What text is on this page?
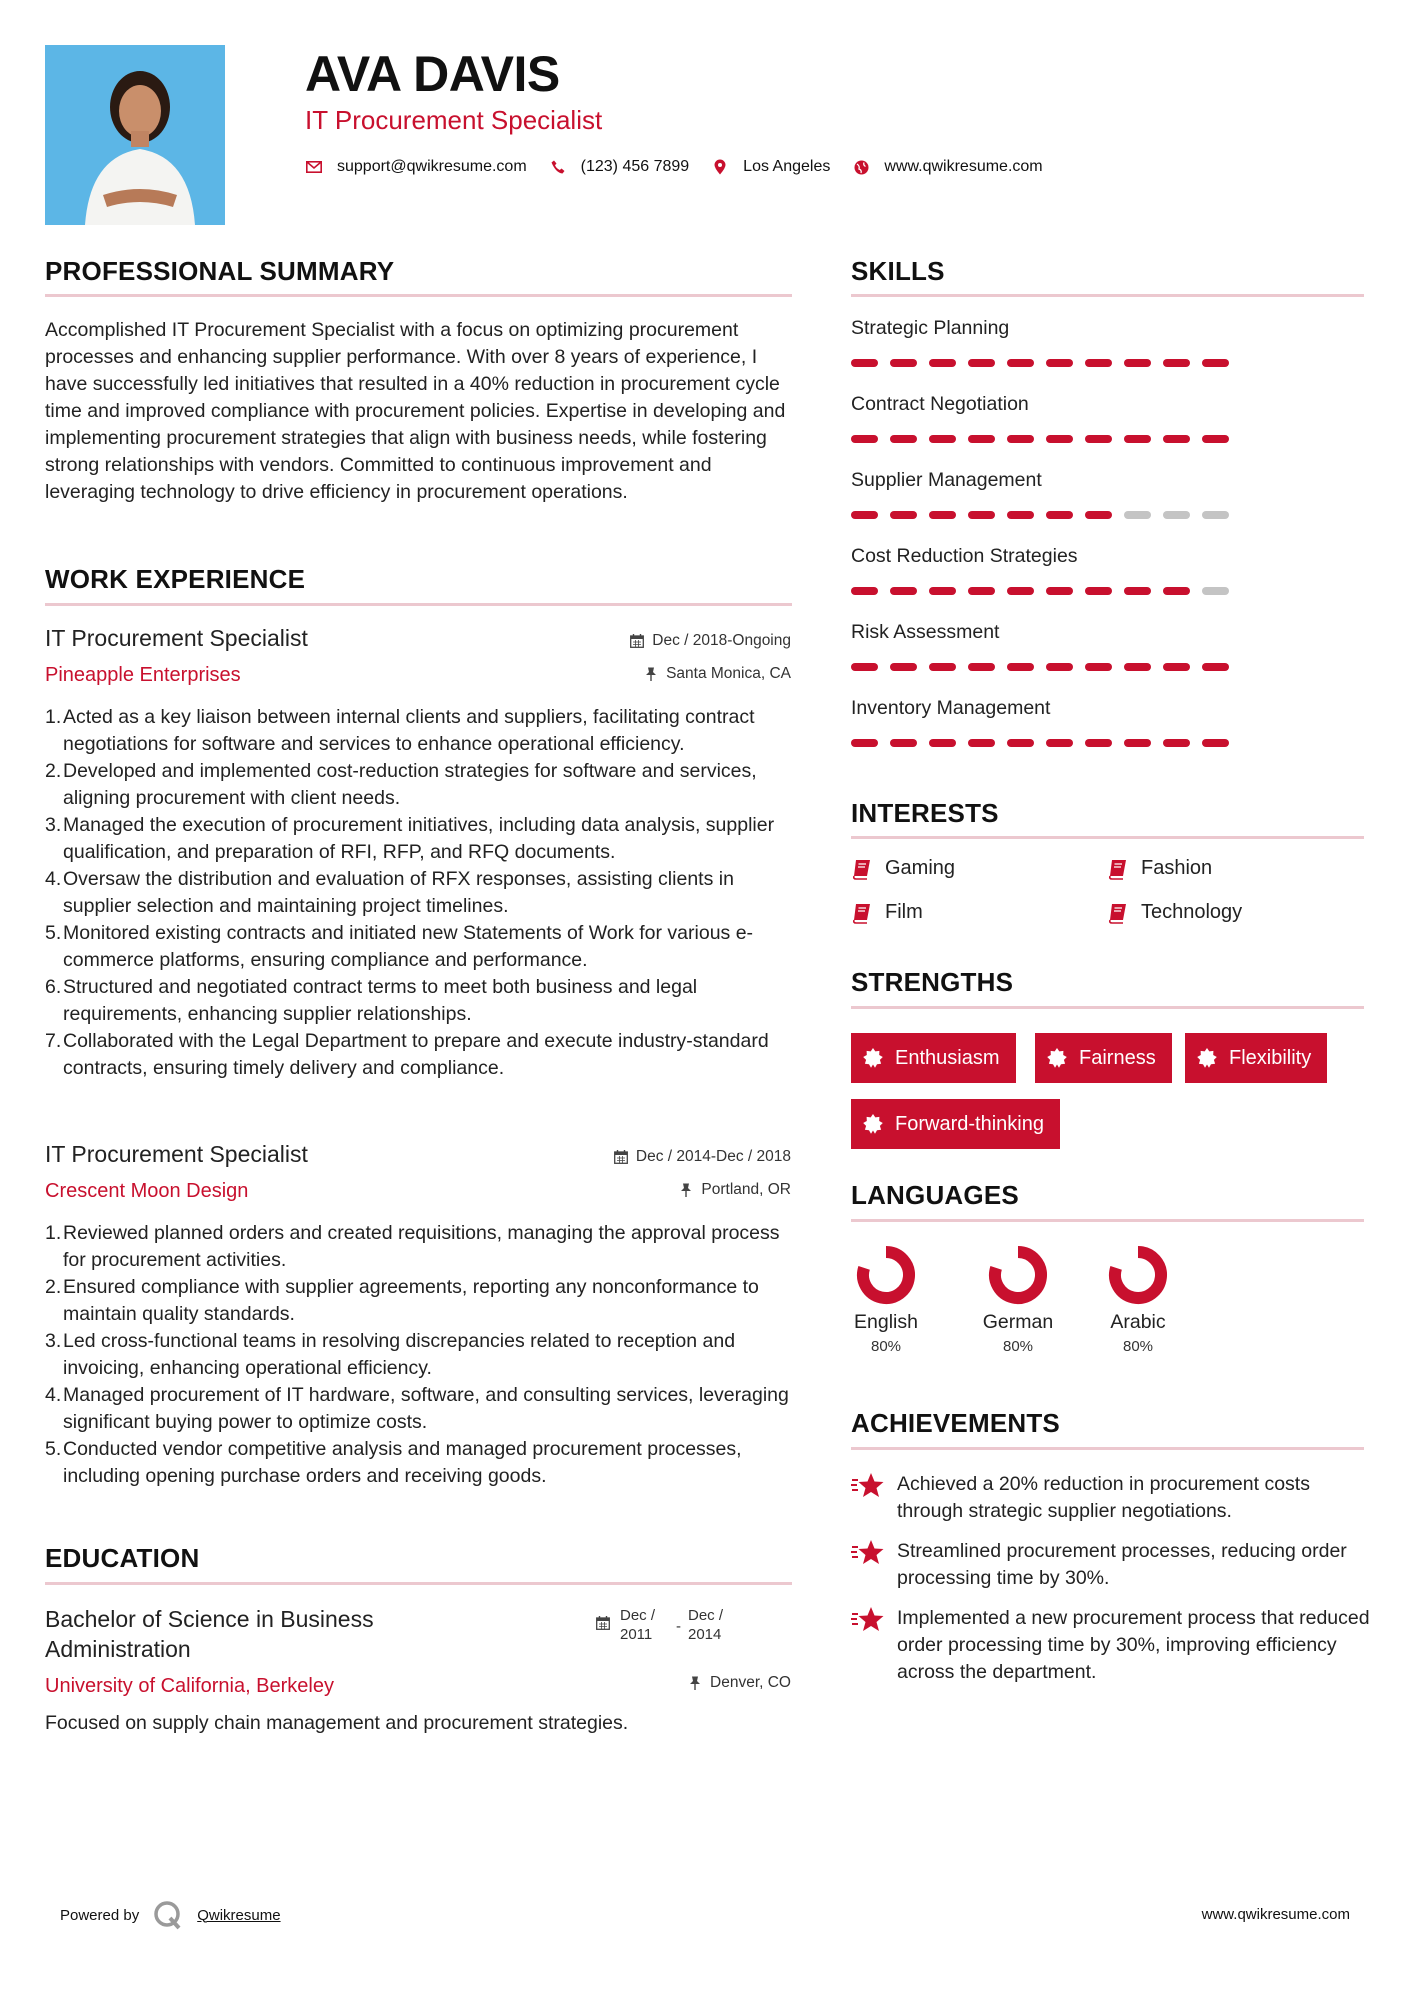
AVA DAVIS
IT Procurement Specialist
support@qwikresume.com	(123) 456 7899	Los Angeles	www.qwikresume.com
PROFESSIONAL SUMMARY
Accomplished IT Procurement Specialist with a focus on optimizing procurement processes and enhancing supplier performance. With over 8 years of experience, I have successfully led initiatives that resulted in a 40% reduction in procurement cycle time and improved compliance with procurement policies. Expertise in developing and implementing procurement strategies that align with business needs, while fostering strong relationships with vendors. Committed to continuous improvement and leveraging technology to drive efficiency in procurement operations.
WORK EXPERIENCE
IT Procurement Specialist	Dec / 2018-Ongoing
Pineapple Enterprises	Santa Monica, CA
Acted as a key liaison between internal clients and suppliers, facilitating contract negotiations for software and services to enhance operational efficiency.
Developed and implemented cost-reduction strategies for software and services, aligning procurement with client needs.
Managed the execution of procurement initiatives, including data analysis, supplier qualification, and preparation of RFI, RFP, and RFQ documents.
Oversaw the distribution and evaluation of RFX responses, assisting clients in supplier selection and maintaining project timelines.
Monitored existing contracts and initiated new Statements of Work for various e-commerce platforms, ensuring compliance and performance.
Structured and negotiated contract terms to meet both business and legal requirements, enhancing supplier relationships.
Collaborated with the Legal Department to prepare and execute industry-standard contracts, ensuring timely delivery and compliance.
IT Procurement Specialist	Dec / 2014-Dec / 2018
Crescent Moon Design	Portland, OR
Reviewed planned orders and created requisitions, managing the approval process for procurement activities.
Ensured compliance with supplier agreements, reporting any nonconformance to maintain quality standards.
Led cross-functional teams in resolving discrepancies related to reception and invoicing, enhancing operational efficiency.
Managed procurement of IT hardware, software, and consulting services, leveraging significant buying power to optimize costs.
Conducted vendor competitive analysis and managed procurement processes, including opening purchase orders and receiving goods.
EDUCATION
Bachelor of Science in Business Administration
Dec / 2011	-
Dec / 2014
University of California, Berkeley	Denver, CO
Focused on supply chain management and procurement strategies.
SKILLS
Strategic Planning
Contract Negotiation
Supplier Management
Cost Reduction Strategies
Risk Assessment
Inventory Management
INTERESTS
Gaming	Fashion
Film	Technology
STRENGTHS
Enthusiasm	Fairness	Flexibility
Forward-thinking
LANGUAGES
English
80%
German
80%
Arabic
80%
ACHIEVEMENTS
Achieved a 20% reduction in procurement costs through strategic supplier negotiations.
Streamlined procurement processes, reducing order processing time by 30%.
Implemented a new procurement process that reduced order processing time by 30%, improving efficiency across the department.
Powered by	Qwikresume	www.qwikresume.com
